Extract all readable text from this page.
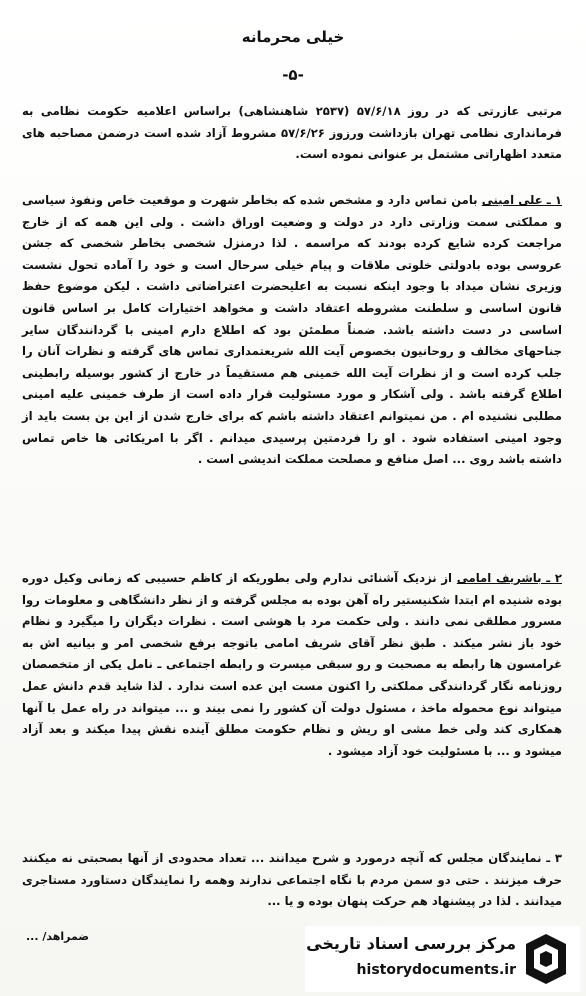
خیلی محرمانه
-۵-

مرتبی عازرتی که در روز ۵۷/۶/۱۸ (۲۵۳۷ شاهنشاهی) براساس اعلامیه حکومت نظامی به فرمانداری نظامی تهران بازداشت ورزوز ۵۷/۶/۲۶ مشروط آزاد شده است درضمن مصاحبه های متعدد اظهاراتی مشتمل بر عنوانی نموده است.

۱ ـ علی امینی بامن تماس دارد و مشخص شده که بخاطر شهرت و موقعیت خاص ونفوذ سیاسی و مملکتی سمت وزارتی دارد در دولت و وضعیت اوراق داشت . ولی این همه که از خارج مراجعت کرده شایع کرده بودند که مراسمه . لذا درمنزل شخصی بخاطر شخصی که جشن عروسی بوده بادولتی خلوتی ملاقات و پیام خیلی سرحال است و خود را آماده تحول نشست وزیری نشان میداد با وجود اینکه نسبت به اعلیحضرت اعتراضاتی داشت . لیکن موضوع حفظ قانون اساسی و سلطنت مشروطه اعتقاد داشت و مخواهد اختیارات کامل بر اساس قانون اساسی در دست داشته باشد. ضمناً مطمئن بود که اطلاع دارم امینی با گردانندگان سایر جناحهای مخالف و روحانیون بخصوص آیت الله شریعتمداری تماس های گرفته و نظرات آنان را جلب کرده است و از نظرات آیت الله خمینی هم مستقیماً در خارج از کشور بوسیله رابطینی اطلاع گرفته باشد . ولی آشکار و مورد مسئولیت قرار داده است از طرف خمینی علیه امینی مطلبی نشنیده ام . من نمیتوانم اعتقاد داشته باشم که برای خارج شدن از این بن بست باید از وجود امینی استفاده شود . او را فردمتین پرسیدی میدانم . اگر با امریکائی ها خاص تماس داشته باشد روی ... اصل منافع و مصلحت مملکت اندیشی است .

۲ ـ باشریف امامی از نزدیک آشنائی ندارم ولی بطوریکه از کاظم حسیبی که زمانی وکیل دوره بوده شنیده ام ابتدا شکنیستیر راه آهن بوده به مجلس گرفته و از نظر دانشگاهی و معلومات روا مسرور مطلقی نمی دانند . ولی حکمت مرد با هوشی است . نظرات دیگران را میگیرد و نظام خود باز نشر میکند . طبق نظر آقای شریف امامی باتوجه برفع شخصی امر و بیانیه اش به غرامسون ها رابطه به مصحبت و رو سبقی میسرت و رابطه اجتماعی ـ نامل یکی از متخصصان روزنامه نگار گردانندگی مملکتی را اکنون مست این عده است ندارد . لذا شاید قدم دانش عمل میتواند نوع محموله ماخذ ، مسئول دولت آن کشور را نمی بیند و ... میتواند در راه عمل با آنها همکاری کند ولی خط مشی او ریش و نظام حکومت مطلق آینده نقش پیدا میکند و بعد آزاد میشود و ... با مسئولیت خود آزاد میشود .

۳ ـ نمایندگان مجلس که آنچه درمورد و شرح میدانند ... تعداد محدودی از آنها بصحبتی نه میکنند حرف میزنند . حتی دو سمن مردم با نگاه اجتماعی ندارند وهمه را نمایندگان دستاورد مستاجری میدانند . لذا در پیشنهاد هم حرکت پنهان بوده و یا ...

ضمراهد/ ...	مرکز بررسی اسناد تاریخی
historydocuments.ir
